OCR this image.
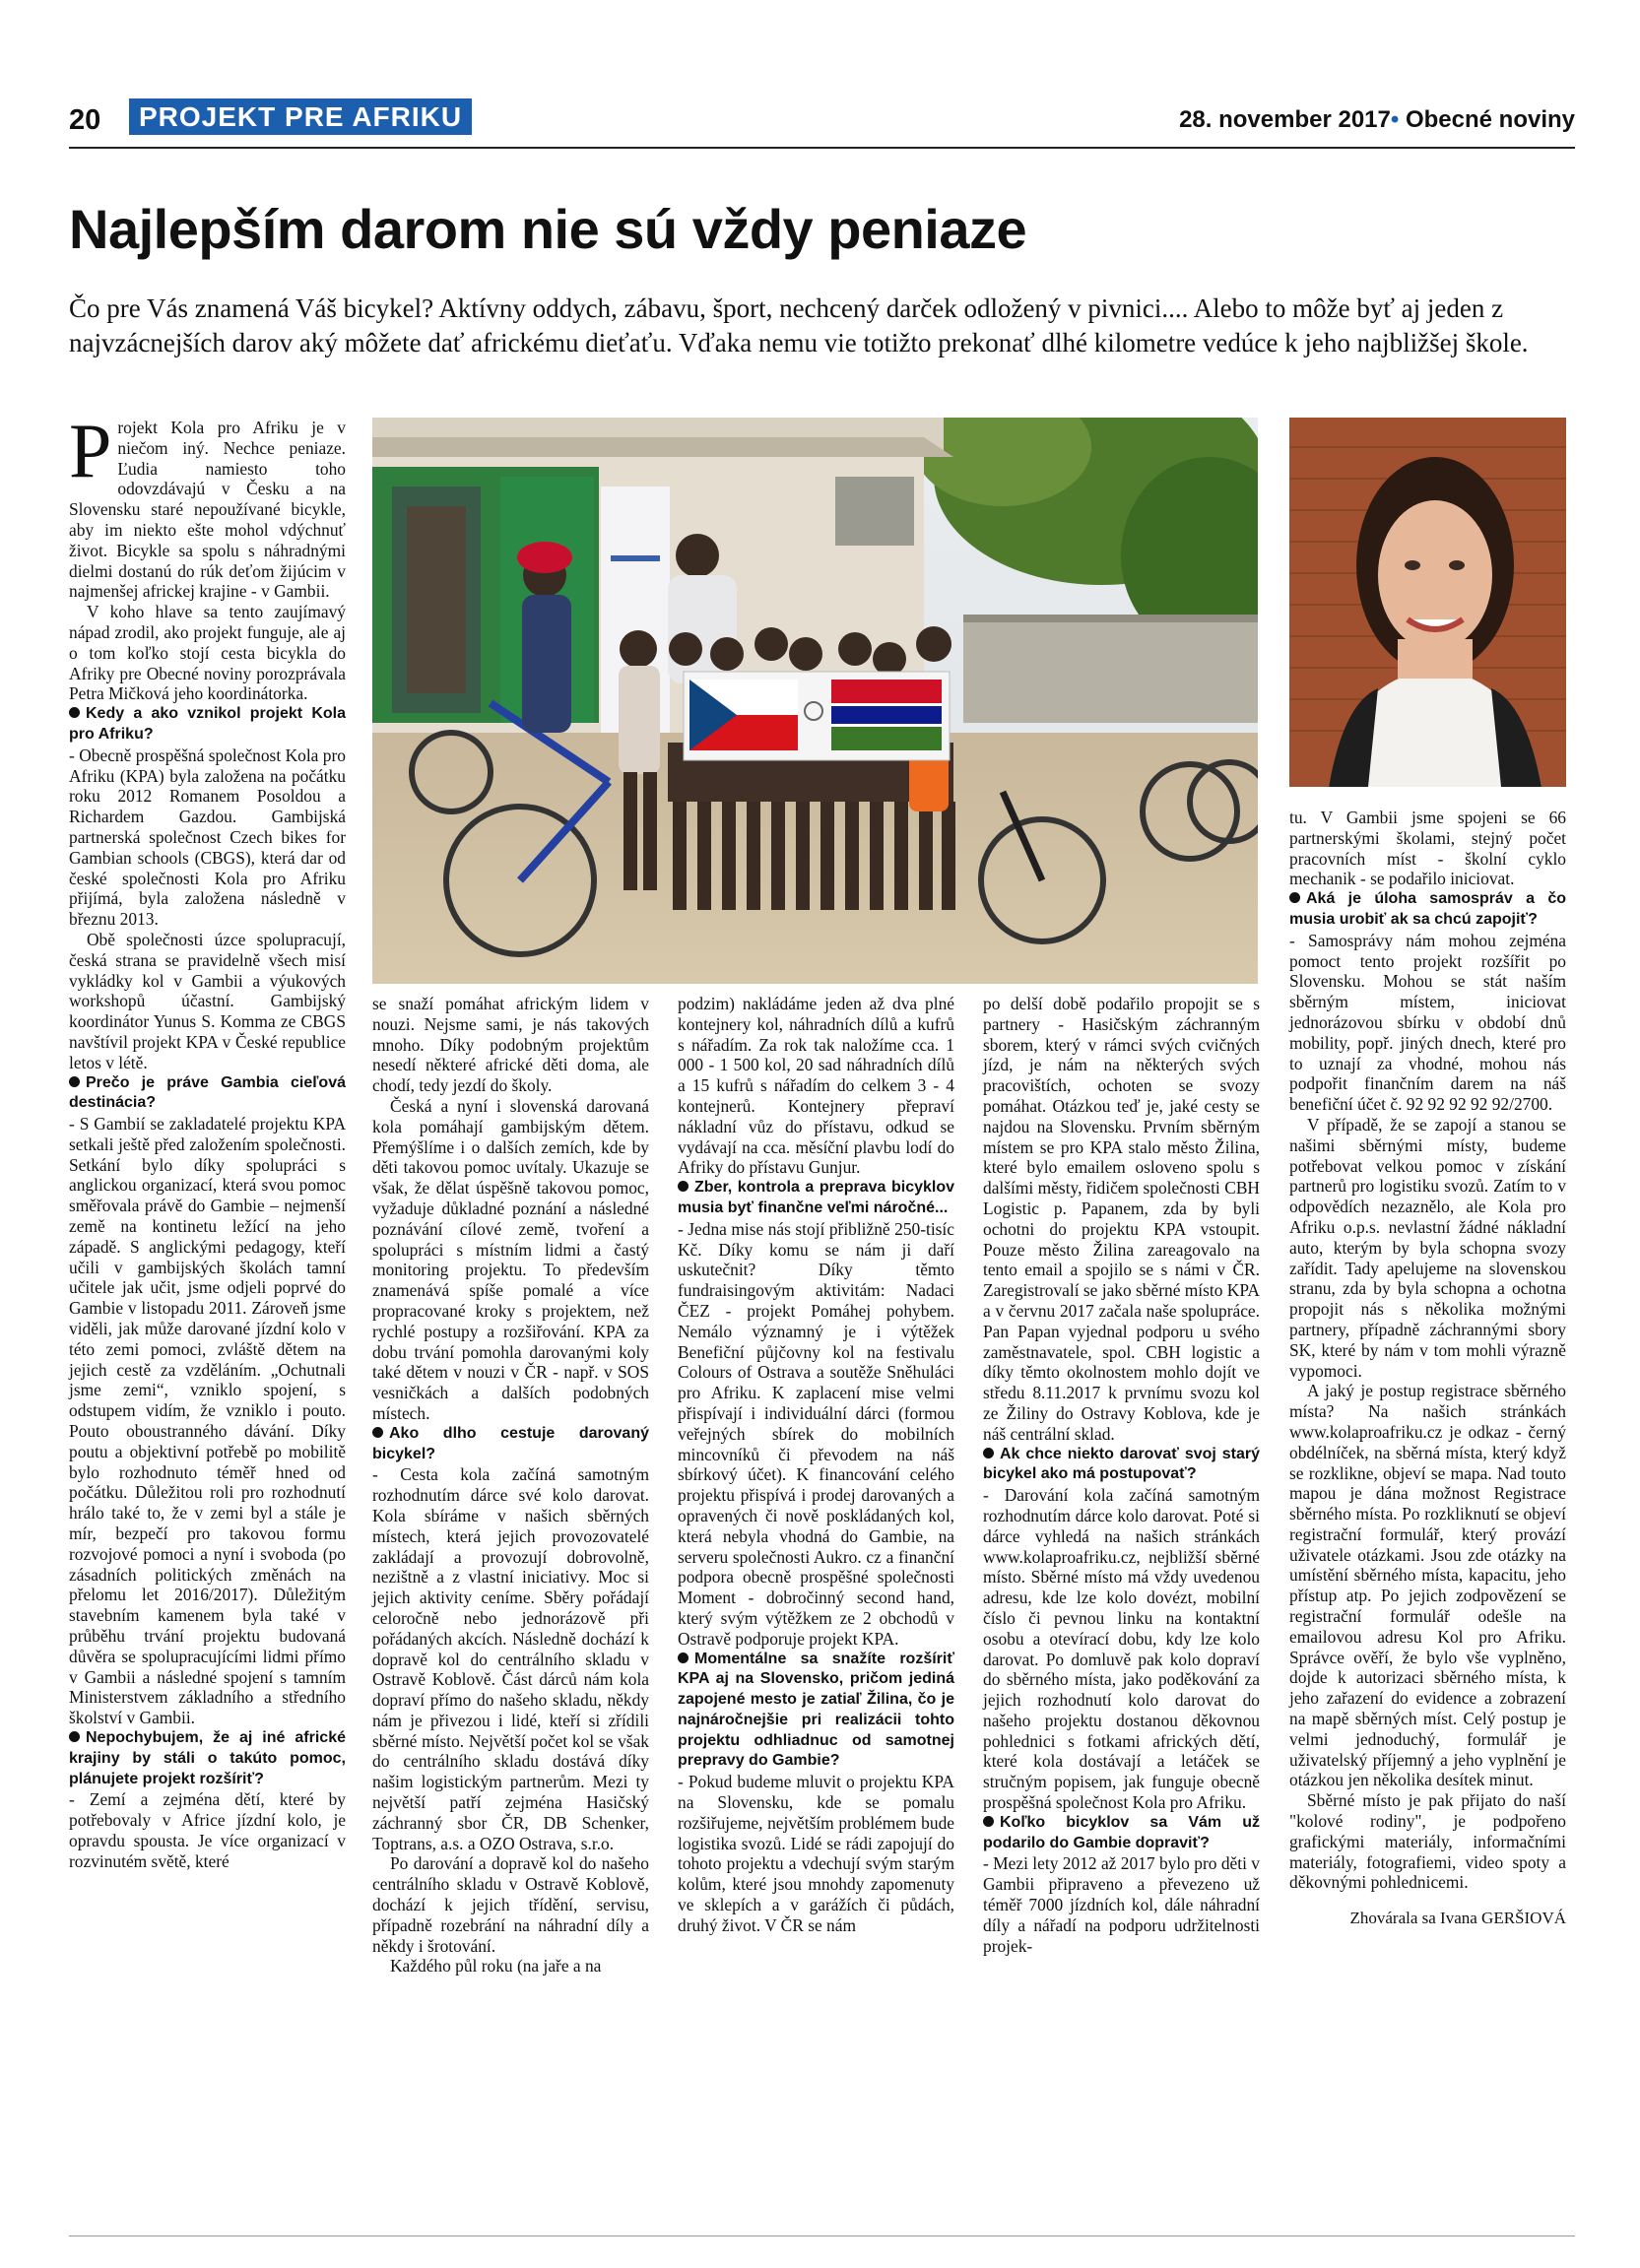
20	PROJEKT PRE AFRIKU	28. november 2017• Obecné noviny
Najlepším darom nie sú vždy peniaze
Čo pre Vás znamená Váš bicykel? Aktívny oddych, zábavu, šport, nechcený darček odložený v pivnici.... Alebo to môže byť aj jeden z najvzácnejších darov aký môžete dať africkému dieťaťu. Vďaka nemu vie totižto prekonať dlhé kilometre vedúce k jeho najbližšej škole.

Projekt Kola pro Afriku je v niečom iný. Nechce peniaze. Ľudia namiesto toho odovzdávajú v Česku a na Slovensku staré nepoužívané bicykle, aby im niekto ešte mohol vdýchnuť život. Bicykle sa spolu s náhradnými dielmi dostanú do rúk deťom žijúcim v najmenšej africkej krajine - v Gambii.

V koho hlave sa tento zaujímavý nápad zrodil, ako projekt funguje, ale aj o tom koľko stojí cesta bicykla do Afriky pre Obecné noviny porozprávala Petra Mičková jeho koordinátorka.

Kedy a ako vznikol projekt Kola pro Afriku?

- Obecně prospěšná společnost Kola pro Afriku (KPA) byla založena na počátku roku 2012 Romanem Posoldou a Richardem Gazdou. Gambijská partnerská společnost Czech bikes for Gambian schools (CBGS), která dar od české společnosti Kola pro Afriku přijímá, byla založena následně v březnu 2013.

Obě společnosti úzce spolupracují, česká strana se pravidelně všech misí vykládky kol v Gambii a výukových workshopů účastní. Gambijský koordinátor Yunus S. Komma ze CBGS navštívil projekt KPA v České republice letos v létě.

Prečo je práve Gambia cieľová destinácia?

- S Gambií se zakladatelé projektu KPA setkali ještě před založením společnosti. Setkání bylo díky spolupráci s anglickou organizací, která svou pomoc směřovala právě do Gambie – nejmenší země na kontinetu ležící na jeho západě. S anglickými pedagogy, kteří učili v gambijských školách tamní učitele jak učit, jsme odjeli poprvé do Gambie v listopadu 2011. Zároveň jsme viděli, jak může darované jízdní kolo v této zemi pomoci, zvláště dětem na jejich cestě za vzděláním. „Ochutnali jsme zemi“, vzniklo spojení, s odstupem vidím, že vzniklo i pouto. Pouto oboustranného dávání. Díky poutu a objektivní potřebě po mobilitě bylo rozhodnuto téměř hned od počátku. Důležitou roli pro rozhodnutí hrálo také to, že v zemi byl a stále je mír, bezpečí pro takovou formu rozvojové pomoci a nyní i svoboda (po zásadních politických změnách na přelomu let 2016/2017). Důležitým stavebním kamenem byla také v průběhu trvání projektu budovaná důvěra se spolupracujícími lidmi přímo v Gambii a následné spojení s tamním Ministerstvem základního a středního školství v Gambii.

Nepochybujem, že aj iné africké krajiny by stáli o takúto pomoc, plánujete projekt rozšíriť?

- Zemí a zejména dětí, které by potřebovaly v Africe jízdní kolo, je opravdu spousta. Je více organizací v rozvinutém světě, které

se snaží pomáhat africkým lidem v nouzi. Nejsme sami, je nás takových mnoho. Díky podobným projektům nesedí některé africké děti doma, ale chodí, tedy jezdí do školy.

Česká a nyní i slovenská darovaná kola pomáhají gambijským dětem. Přemýšlíme i o dalších zemích, kde by děti takovou pomoc uvítaly. Ukazuje se však, že dělat úspěšně takovou pomoc, vyžaduje důkladné poznání a následné poznávání cílové země, tvoření a spolupráci s místním lidmi a častý monitoring projektu. To především znamenává spíše pomalé a více propracované kroky s projektem, než rychlé postupy a rozšiřování. KPA za dobu trvání pomohla darovanými koly také dětem v nouzi v ČR - např. v SOS vesničkách a dalších podobných místech.

Ako dlho cestuje darovaný bicykel?

- Cesta kola začíná samotným rozhodnutím dárce své kolo darovat. Kola sbíráme v našich sběrných místech, která jejich provozovatelé zakládají a provozují dobrovolně, nezištně a z vlastní iniciativy. Moc si jejich aktivity ceníme. Sběry pořádají celoročně nebo jednorázově při pořádaných akcích. Následně dochází k dopravě kol do centrálního skladu v Ostravě Koblově. Část dárců nám kola dopraví přímo do našeho skladu, někdy nám je přivezou i lidé, kteří si zřídili sběrné místo. Největší počet kol se však do centrálního skladu dostává díky našim logistickým partnerům. Mezi ty největší patří zejména Hasičský záchranný sbor ČR, DB Schenker, Toptrans, a.s. a OZO Ostrava, s.r.o.

Po darování a dopravě kol do našeho centrálního skladu v Ostravě Koblově, dochází k jejich třídění, servisu, případně rozebrání na náhradní díly a někdy i šrotování.

Každého půl roku (na jaře a na

podzim) nakládáme jeden až dva plné kontejnery kol, náhradních dílů a kufrů s nářadím. Za rok tak naložíme cca. 1 000 - 1 500 kol, 20 sad náhradních dílů a 15 kufrů s nářadím do celkem 3 - 4 kontejnerů. Kontejnery přepraví nákladní vůz do přístavu, odkud se vydávají na cca. měsíční plavbu lodí do Afriky do přístavu Gunjur.

Zber, kontrola a preprava bicyklov musia byť finančne veľmi náročné...

- Jedna mise nás stojí přibližně 250-tisíc Kč. Díky komu se nám ji daří uskutečnit? Díky těmto fundraisingovým aktivitám: Nadaci ČEZ - projekt Pomáhej pohybem. Nemálo významný je i výtěžek Benefiční půjčovny kol na festivalu Colours of Ostrava a soutěže Sněhuláci pro Afriku. K zaplacení mise velmi přispívají i individuální dárci (formou veřejných sbírek do mobilních mincovníků či převodem na náš sbírkový účet). K financování celého projektu přispívá i prodej darovaných a opravených či nově poskládaných kol, která nebyla vhodná do Gambie, na serveru společnosti Aukro. cz a finanční podpora obecně prospěšné společnosti Moment - dobročinný second hand, který svým výtěžkem ze 2 obchodů v Ostravě podporuje projekt KPA.

Momentálne sa snažíte rozšíriť KPA aj na Slovensko, pričom jediná zapojené mesto je zatiaľ Žilina, čo je najnáročnejšie pri realizácii tohto projektu odhliadnuc od samotnej prepravy do Gambie?

- Pokud budeme mluvit o projektu KPA na Slovensku, kde se pomalu rozšiřujeme, největším problémem bude logistika svozů. Lidé se rádi zapojují do tohoto projektu a vdechují svým starým kolům, které jsou mnohdy zapomenuty ve sklepích a v garážích či půdách, druhý život. V ČR se nám

po delší době podařilo propojit se s partnery - Hasičským záchranným sborem, který v rámci svých cvičných jízd, je nám na některých svých pracovištích, ochoten se svozy pomáhat. Otázkou teď je, jaké cesty se najdou na Slovensku. Prvním sběrným místem se pro KPA stalo město Žilina, které bylo emailem osloveno spolu s dalšími městy, řidičem společnosti CBH Logistic p. Papanem, zda by byli ochotni do projektu KPA vstoupit. Pouze město Žilina zareagovalo na tento email a spojilo se s námi v ČR. Zaregistrovalí se jako sběrné místo KPA a v červnu 2017 začala naše spolupráce. Pan Papan vyjednal podporu u svého zaměstnavatele, spol. CBH logistic a díky těmto okolnostem mohlo dojít ve středu 8.11.2017 k prvnímu svozu kol ze Žiliny do Ostravy Koblova, kde je náš centrální sklad.

Ak chce niekto darovať svoj starý bicykel ako má postupovať?

- Darování kola začíná samotným rozhodnutím dárce kolo darovat. Poté si dárce vyhledá na našich stránkách www.kolaproafriku.cz, nejbližší sběrné místo. Sběrné místo má vždy uvedenou adresu, kde lze kolo dovézt, mobilní číslo či pevnou linku na kontaktní osobu a otevírací dobu, kdy lze kolo darovat. Po domluvě pak kolo dopraví do sběrného místa, jako poděkování za jejich rozhodnutí kolo darovat do našeho projektu dostanou děkovnou pohlednici s fotkami afrických dětí, které kola dostávají a letáček se stručným popisem, jak funguje obecně prospěšná společnost Kola pro Afriku.

Koľko bicyklov sa Vám už podarilo do Gambie dopraviť?

- Mezi lety 2012 až 2017 bylo pro děti v Gambii připraveno a převezeno už téměř 7000 jízdních kol, dále náhradní díly a nářadí na podporu udržitelnosti projek-

tu. V Gambii jsme spojeni se 66 partnerskými školami, stejný počet pracovních míst - školní cyklo mechanik - se podařilo iniciovat.

Aká je úloha samospráv a čo musia urobiť ak sa chcú zapojiť?

- Samosprávy nám mohou zejména pomoct tento projekt rozšířit po Slovensku. Mohou se stát naším sběrným místem, iniciovat jednorázovou sbírku v období dnů mobility, popř. jiných dnech, které pro to uznají za vhodné, mohou nás podpořit finančním darem na náš benefiční účet č. 92 92 92 92 92/2700.

V případě, že se zapojí a stanou se našimi sběrnými místy, budeme potřebovat velkou pomoc v získání partnerů pro logistiku svozů. Zatím to v odpovědích nezaznělo, ale Kola pro Afriku o.p.s. nevlastní žádné nákladní auto, kterým by byla schopna svozy zařídit. Tady apelujeme na slovenskou stranu, zda by byla schopna a ochotna propojit nás s několika možnými partnery, případně záchrannými sbory SK, které by nám v tom mohli výrazně vypomoci.

A jaký je postup registrace sběrného místa? Na našich stránkách www.kolaproafriku.cz je odkaz - černý obdélníček, na sběrná místa, který když se rozklikne, objeví se mapa. Nad touto mapou je dána možnost Registrace sběrného místa. Po rozkliknutí se objeví registrační formulář, který provází uživatele otázkami. Jsou zde otázky na umístění sběrného místa, kapacitu, jeho přístup atp. Po jejich zodpovězení se registrační formulář odešle na emailovou adresu Kol pro Afriku. Správce ověří, že bylo vše vyplněno, dojde k autorizaci sběrného místa, k jeho zařazení do evidence a zobrazení na mapě sběrných míst. Celý postup je velmi jednoduchý, formulář je uživatelský příjemný a jeho vyplnění je otázkou jen několika desítek minut.

Sběrné místo je pak přijato do naší "kolové rodiny", je podpořeno grafickými materiály, informačními materiály, fotografiemi, video spoty a děkovnými pohlednicemi.

Zhovárala sa Ivana GERŠIOVÁ
